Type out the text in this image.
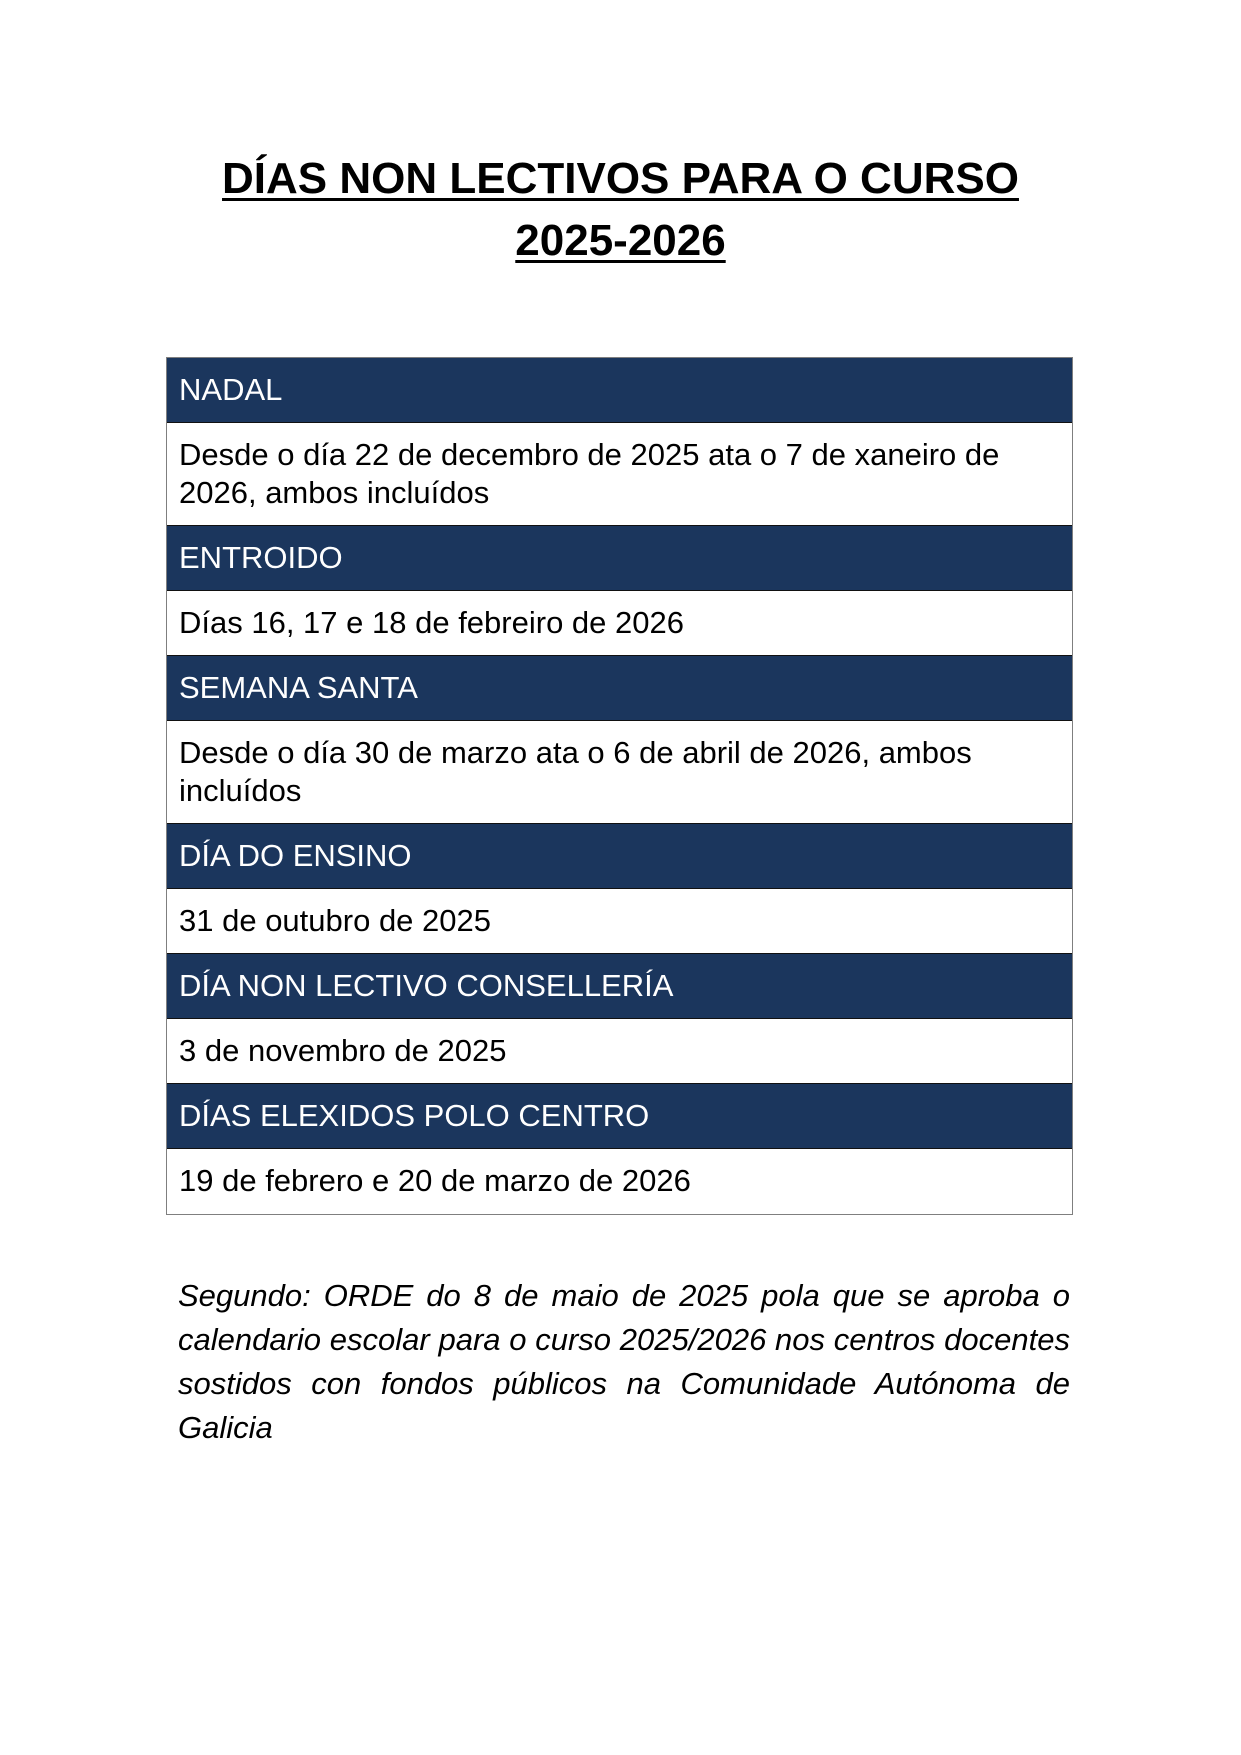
DÍAS NON LECTIVOS PARA O CURSO
2025-2026
NADAL
Desde o día 22 de decembro de 2025 ata o 7 de xaneiro de 2026, ambos incluídos
ENTROIDO
Días 16, 17 e 18 de febreiro de 2026
SEMANA SANTA
Desde o día 30 de marzo ata o 6 de abril de 2026, ambos incluídos
DÍA DO ENSINO
31 de outubro de 2025
DÍA NON LECTIVO CONSELLERÍA
3 de novembro de 2025
DÍAS ELEXIDOS POLO CENTRO
19 de febrero e 20 de marzo de 2026
Segundo: ORDE do 8 de maio de 2025 pola que se aproba o calendario escolar para o curso 2025/2026 nos centros docentes sostidos con fondos públicos na Comunidade Autónoma de Galicia
